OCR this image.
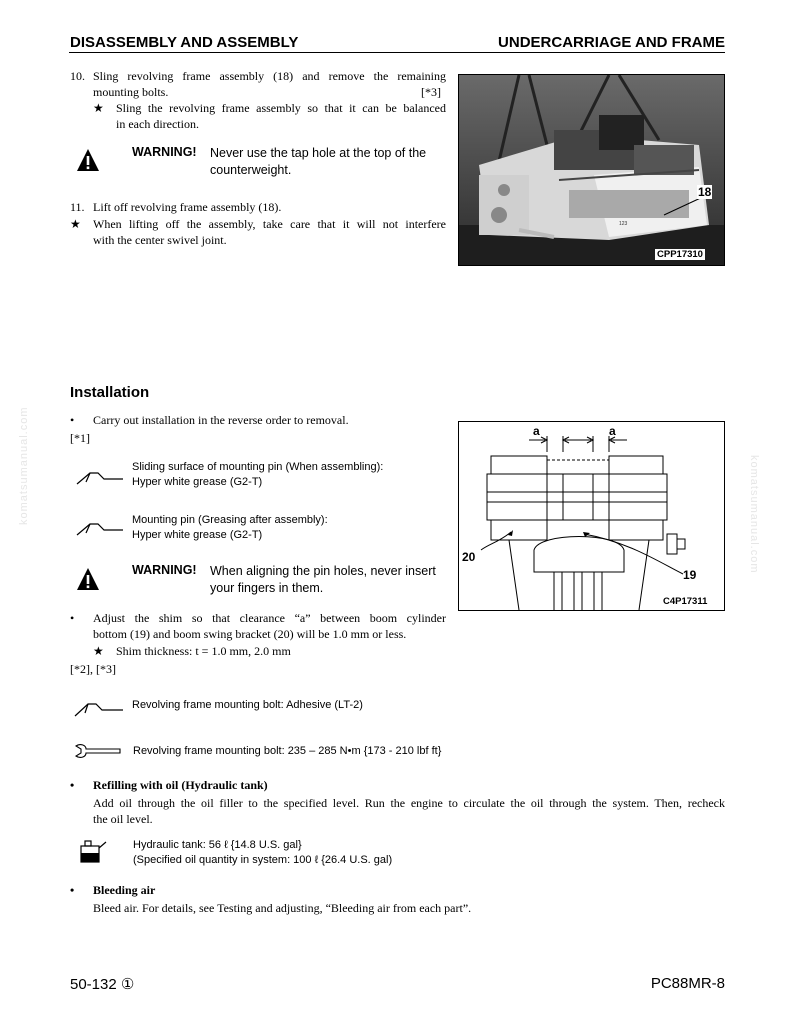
DISASSEMBLY AND ASSEMBLY	UNDERCARRIAGE AND FRAME
komatsumanual.com	komatsumanual.com
10. Sling revolving frame assembly (18) and remove the remaining
mounting bolts.	[*3]
★ Sling the revolving frame assembly so that it can be balanced
in each direction.
WARNING! Never use the tap hole at the top of the
counterweight.
11. Lift off revolving frame assembly (18).
★ When lifting off the assembly, take care that it will not interfere
with the center swivel joint.
123
18
CPP17310
Installation
• Carry out installation in the reverse order to removal.
[*1]
Sliding surface of mounting pin (When assembling):
Hyper white grease (G2-T)
Mounting pin (Greasing after assembly):
Hyper white grease (G2-T)
WARNING! When aligning the pin holes, never insert
your fingers in them.
• Adjust the shim so that clearance “a” between boom cylinder
bottom (19) and boom swing bracket (20) will be 1.0 mm or less.
★ Shim thickness: t = 1.0 mm, 2.0 mm
[*2], [*3]
Revolving frame mounting bolt: Adhesive (LT-2)
Revolving frame mounting bolt: 235 – 285 N•m {173 - 210 lbf ft}
• Refilling with oil (Hydraulic tank)
Add oil through the oil filler to the specified level. Run the engine to circulate the oil through the system. Then, recheck
the oil level.
Hydraulic tank: 56 ℓ {14.8 U.S. gal}
(Specified oil quantity in system: 100 ℓ {26.4 U.S. gal)
• Bleeding air
Bleed air. For details, see Testing and adjusting, “Bleeding air from each part”.
a	a
20
19
C4P17311
50-132 ①	PC88MR-8
